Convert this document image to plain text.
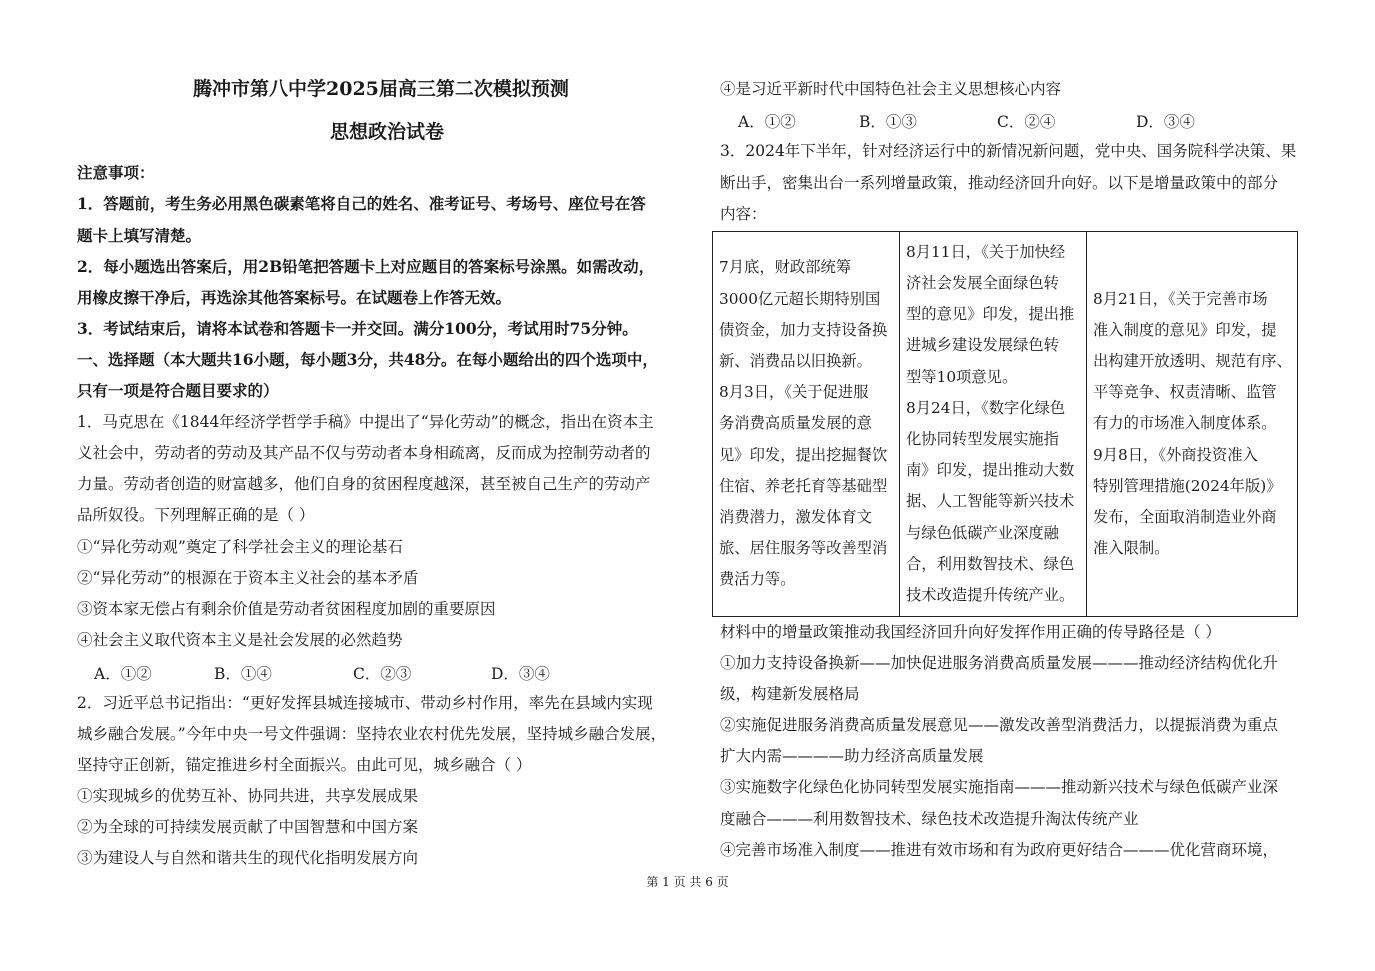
腾冲市第八中学2025届高三第二次模拟预测
思想政治试卷
注意事项：
1．答题前，考生务必用黑色碳素笔将自己的姓名、准考证号、考场号、座位号在答
题卡上填写清楚。
2．每小题选出答案后，用2B铅笔把答题卡上对应题目的答案标号涂黑。如需改动，
用橡皮擦干净后，再选涂其他答案标号。在试题卷上作答无效。
3．考试结束后，请将本试卷和答题卡一并交回。满分100分，考试用时75分钟。
一、选择题（本大题共16小题，每小题3分，共48分。在每小题给出的四个选项中，
只有一项是符合题目要求的）
1．马克思在《1844年经济学哲学手稿》中提出了“异化劳动”的概念，指出在资本主
义社会中，劳动者的劳动及其产品不仅与劳动者本身相疏离，反而成为控制劳动者的
力量。劳动者创造的财富越多，他们自身的贫困程度越深，甚至被自己生产的劳动产
品所奴役。下列理解正确的是（ ）
①“异化劳动观”奠定了科学社会主义的理论基石
②“异化劳动”的根源在于资本主义社会的基本矛盾
③资本家无偿占有剩余价值是劳动者贫困程度加剧的重要原因
④社会主义取代资本主义是社会发展的必然趋势
A．①②	B．①④	C．②③	D．③④
2．习近平总书记指出：“更好发挥县城连接城市、带动乡村作用，率先在县域内实现
城乡融合发展。”今年中央一号文件强调：坚持农业农村优先发展，坚持城乡融合发展，
坚持守正创新，锚定推进乡村全面振兴。由此可见，城乡融合（ ）
①实现城乡的优势互补、协同共进，共享发展成果
②为全球的可持续发展贡献了中国智慧和中国方案
③为建设人与自然和谐共生的现代化指明发展方向
④是习近平新时代中国特色社会主义思想核心内容
A．①②	B．①③	C．②④	D．③④
3．2024年下半年，针对经济运行中的新情况新问题，党中央、国务院科学决策、果
断出手，密集出台一系列增量政策，推动经济回升向好。以下是增量政策中的部分
内容：
7月底，财政部统筹
3000亿元超长期特别国
债资金，加力支持设备换
新、消费品以旧换新。
8月3日，《关于促进服
务消费高质量发展的意
见》印发，提出挖掘餐饮
住宿、养老托育等基础型
消费潜力，激发体育文
旅、居住服务等改善型消
费活力等。

8月11日，《关于加快经
济社会发展全面绿色转
型的意见》印发，提出推
进城乡建设发展绿色转
型等10项意见。
8月24日，《数字化绿色
化协同转型发展实施指
南》印发，提出推动大数
据、人工智能等新兴技术
与绿色低碳产业深度融
合，利用数智技术、绿色
技术改造提升传统产业。

8月21日，《关于完善市场
准入制度的意见》印发，提
出构建开放透明、规范有序、
平等竞争、权责清晰、监管
有力的市场准入制度体系。
9月8日，《外商投资准入
特别管理措施(2024年版)》
发布，全面取消制造业外商
准入限制。
材料中的增量政策推动我国经济回升向好发挥作用正确的传导路径是（ ）
①加力支持设备换新——加快促进服务消费高质量发展———推动经济结构优化升
级，构建新发展格局
②实施促进服务消费高质量发展意见——激发改善型消费活力，以提振消费为重点
扩大内需————助力经济高质量发展
③实施数字化绿色化协同转型发展实施指南———推动新兴技术与绿色低碳产业深
度融合———利用数智技术、绿色技术改造提升淘汰传统产业
④完善市场准入制度——推进有效市场和有为政府更好结合———优化营商环境，
第 1 页 共 6 页
